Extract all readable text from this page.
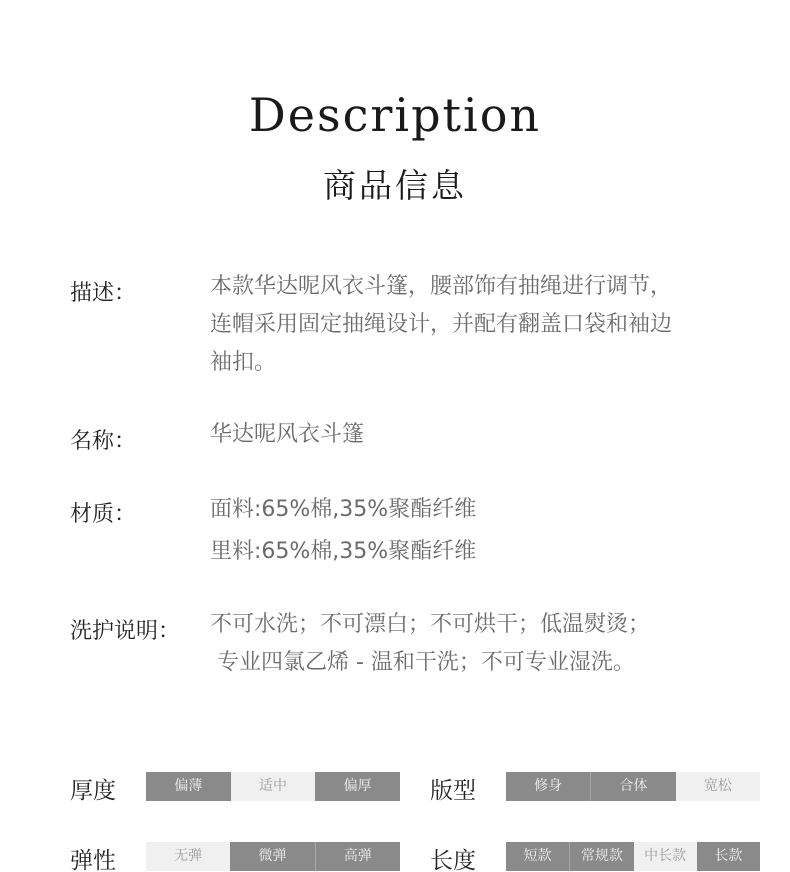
Description
商品信息
描述：	本款华达呢风衣斗篷，腰部饰有抽绳进行调节，
连帽采用固定抽绳设计，并配有翻盖口袋和袖边
袖扣。
名称：	华达呢风衣斗篷
材质：	面料:65%棉,35%聚酯纤维
里料:65%棉,35%聚酯纤维
洗护说明： 不可水洗；不可漂白；不可烘干；低温熨烫；
专业四氯乙烯 - 温和干洗；不可专业湿洗。
厚度	偏薄	适中	偏厚	版型	修身	合体	宽松
弹性	无弹	微弹	高弹	长度	短款	常规款	中长款	长款
